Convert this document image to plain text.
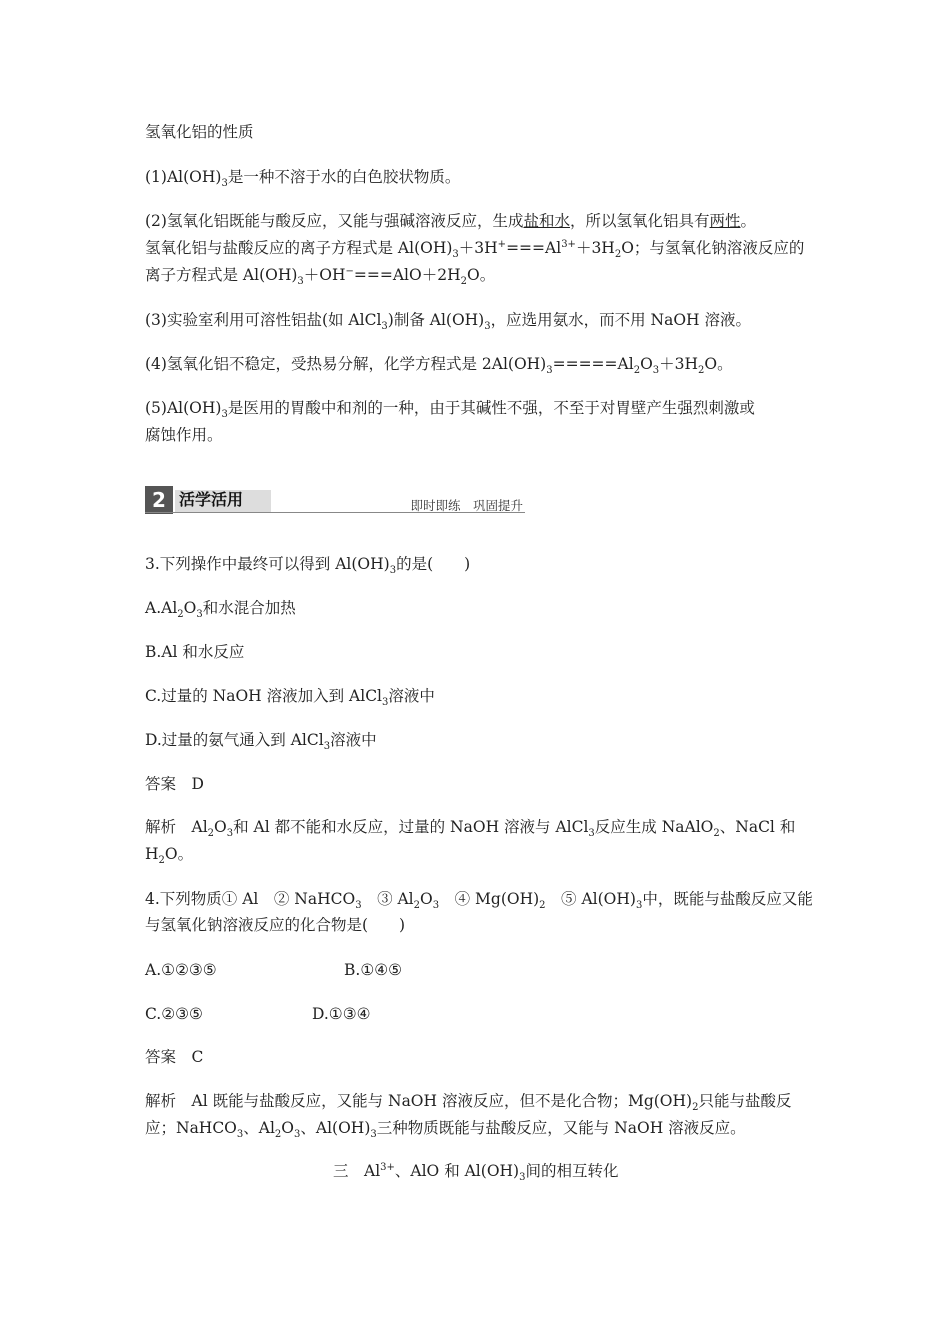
氢氧化铝的性质
$(1)Al(OH)_3$是一种不溶于水的白色胶状物质。
(2)氢氧化铝既能与酸反应，又能与强碱溶液反应，生成盐和水，所以氢氧化铝具有两性。
氢氧化铝与盐酸反应的离子方程式是 $Al(OH)_3+3H^+===Al^{3+}+3H_2O$；与氢氧化钠溶液反应的
离子方程式是 $Al(OH)_3+OH^-===AlO+2H_2O$。
(3)实验室利用可溶性铝盐(如 AlCl$_3$)制备 $Al(OH)_3$，应选用氨水，而不用 NaOH 溶液。
(4)氢氧化铝不稳定，受热易分解，化学方程式是 $2Al(OH)_3=====Al_2O_3+3H_2O$。
$(5)Al(OH)_3$是医用的胃酸中和剂的一种，由于其碱性不强，不至于对胃壁产生强烈刺激或
腐蚀作用。
2 活学活用	即时即练　巩固提升
3.下列操作中最终可以得到 $Al(OH)_3$的是(　　)
$A.Al_2O_3$和水混合加热
B.Al 和水反应
C.过量的 NaOH 溶液加入到 AlCl$_3$溶液中
D.过量的氨气通入到 AlCl$_3$溶液中
答案　D
解析　$Al_2O_3$和 Al 都不能和水反应，过量的 NaOH 溶液与 AlCl$_3$反应生成 NaAlO$_2$、NaCl 和
$H_2O$。
4.下列物质① Al　② NaHCO$_3$　③ $Al_2O_3$　④ $Mg(OH)_2$　⑤ $Al(OH)_3$中，既能与盐酸反应又能
与氢氧化钠溶液反应的化合物是(　　)
A.①②③⑤	B.①④⑤
C.②③⑤	D.①③④
答案　C
解析　Al 既能与盐酸反应，又能与 NaOH 溶液反应，但不是化合物；$Mg(OH)_2$只能与盐酸反
应；NaHCO$_3$、$Al_2O_3$、$Al(OH)_3$三种物质既能与盐酸反应，又能与 NaOH 溶液反应。
三　$Al^{3+}$、AlO 和 $Al(OH)_3$间的相互转化
